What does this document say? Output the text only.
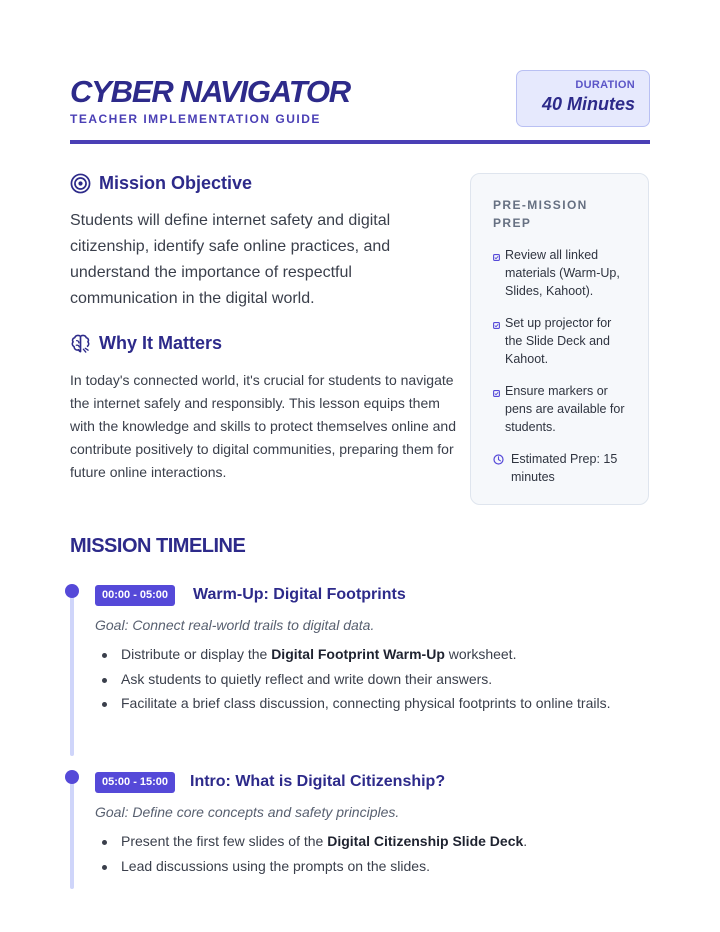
CYBER NAVIGATOR
TEACHER IMPLEMENTATION GUIDE
DURATION
40 Minutes
Mission Objective
Students will define internet safety and digital citizenship, identify safe online practices, and understand the importance of respectful communication in the digital world.
Why It Matters
In today's connected world, it's crucial for students to navigate the internet safely and responsibly. This lesson equips them with the knowledge and skills to protect themselves online and contribute positively to digital communities, preparing them for future online interactions.
PRE-MISSION PREP
Review all linked materials (Warm-Up, Slides, Kahoot).
Set up projector for the Slide Deck and Kahoot.
Ensure markers or pens are available for students.
Estimated Prep: 15 minutes
MISSION TIMELINE
00:00 - 05:00	Warm-Up: Digital Footprints
Goal: Connect real-world trails to digital data.
Distribute or display the Digital Footprint Warm-Up worksheet.
Ask students to quietly reflect and write down their answers.
Facilitate a brief class discussion, connecting physical footprints to online trails.
05:00 - 15:00	Intro: What is Digital Citizenship?
Goal: Define core concepts and safety principles.
Present the first few slides of the Digital Citizenship Slide Deck.
Lead discussions using the prompts on the slides.
